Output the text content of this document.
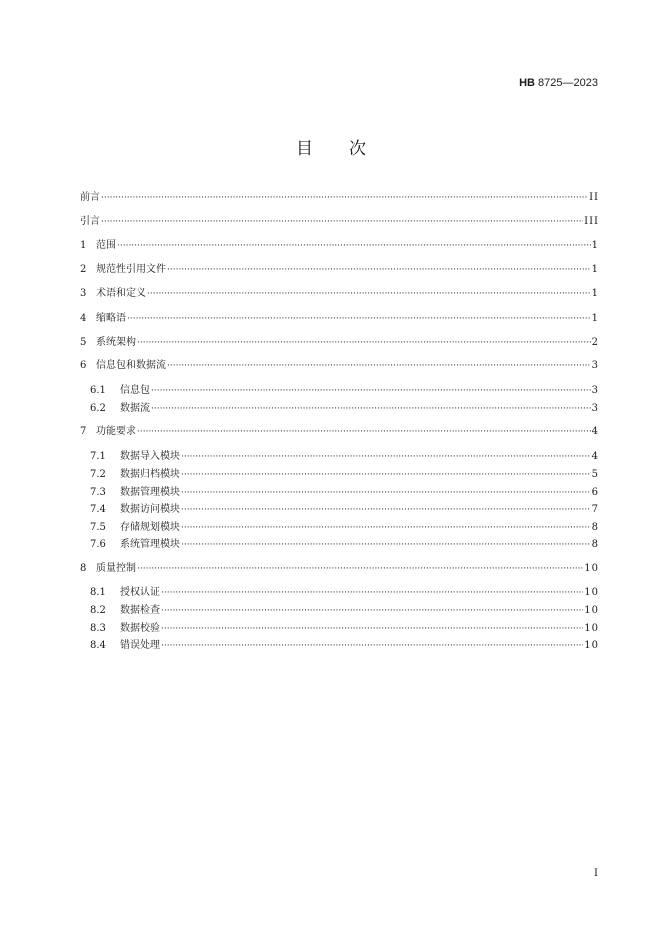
HB 8725—2023
目次
前言 ·····	II
引言 ·····	III
1 范围 ·····	1
2 规范性引用文件 ·····	1
3 术语和定义 ·····	1
4 缩略语 ·····	1
5 系统架构 ·····	2
6 信息包和数据流 ·····	3
6.1	信息包 ·····	3
6.2	数据流 ·····	3
7 功能要求 ·····	4
7.1	数据导入模块 ·····	4
7.2	数据归档模块 ·····	5
7.3	数据管理模块 ·····	6
7.4	数据访问模块 ·····	7
7.5	存储规划模块 ·····	8
7.6	系统管理模块 ·····	8
8 质量控制 ·····	10
8.1	授权认证 ·····	10
8.2	数据检查 ·····	10
8.3	数据校验 ·····	10
8.4	错误处理 ·····	10
I
